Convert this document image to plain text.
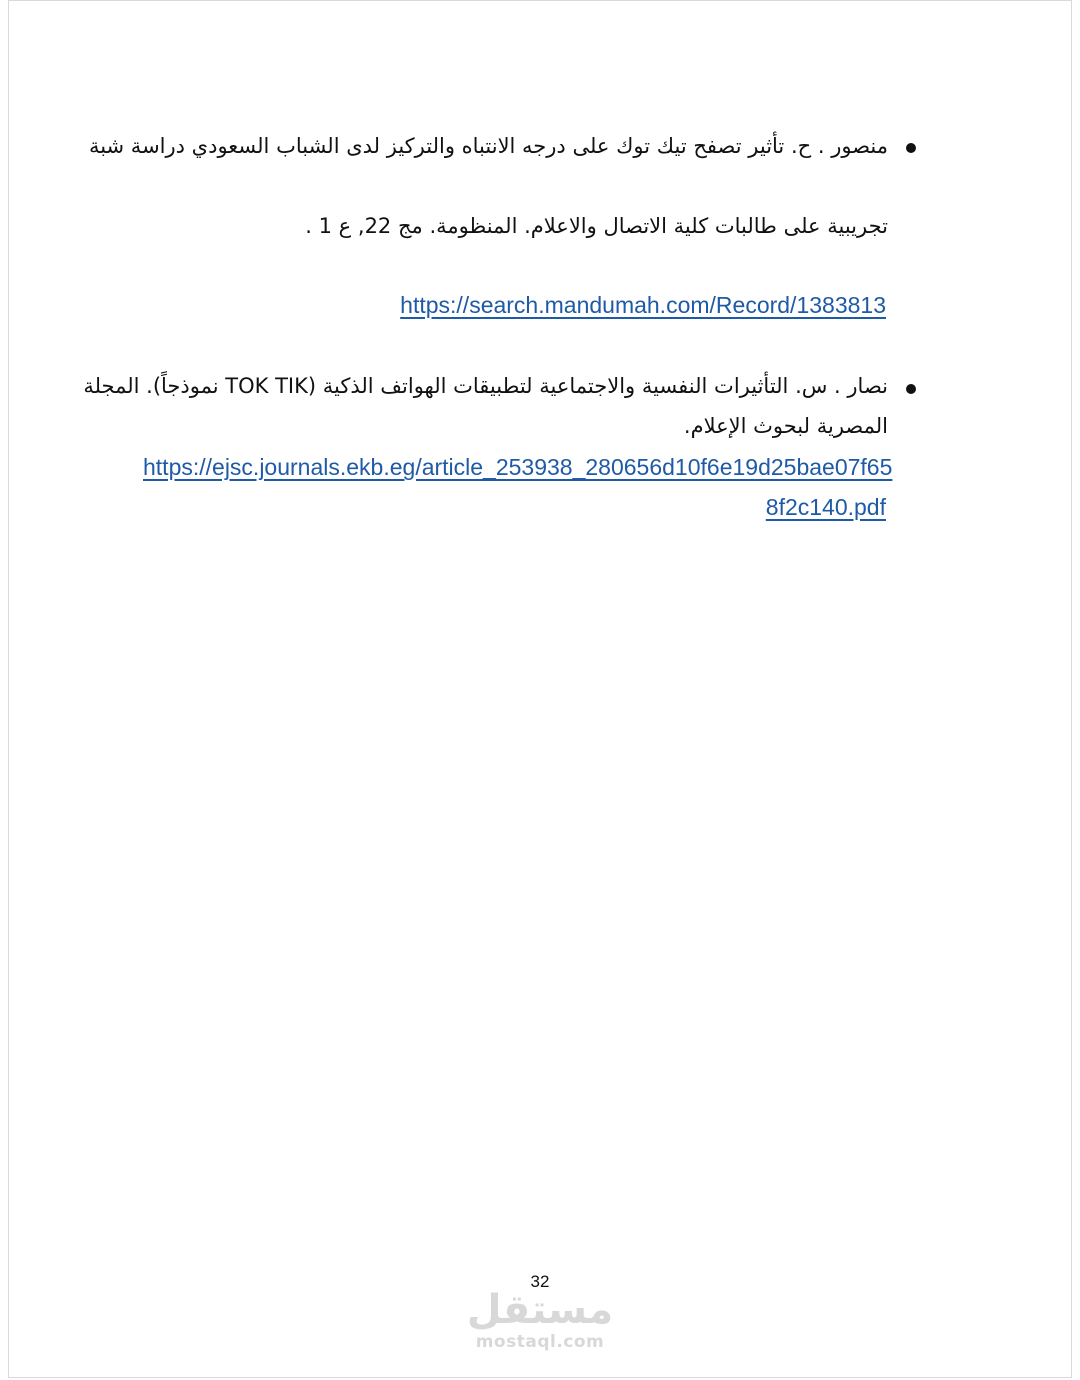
منصور . ح. تأثير تصفح تيك توك على درجه الانتباه والتركيز لدى الشباب السعودي دراسة شبة
تجريبية على طالبات كلية الاتصال والاعلام. المنظومة. مج 22, ع 1 .
https://search.mandumah.com/Record/1383813
نصار . س. التأثيرات النفسية والاجتماعية لتطبيقات الهواتف الذكية (TOK TIK نموذجاً). المجلة
المصرية لبحوث الإعلام.
https://ejsc.journals.ekb.eg/article_253938_280656d10f6e19d25bae07f65
8f2c140.pdf
32
مستقل
mostaql.com
